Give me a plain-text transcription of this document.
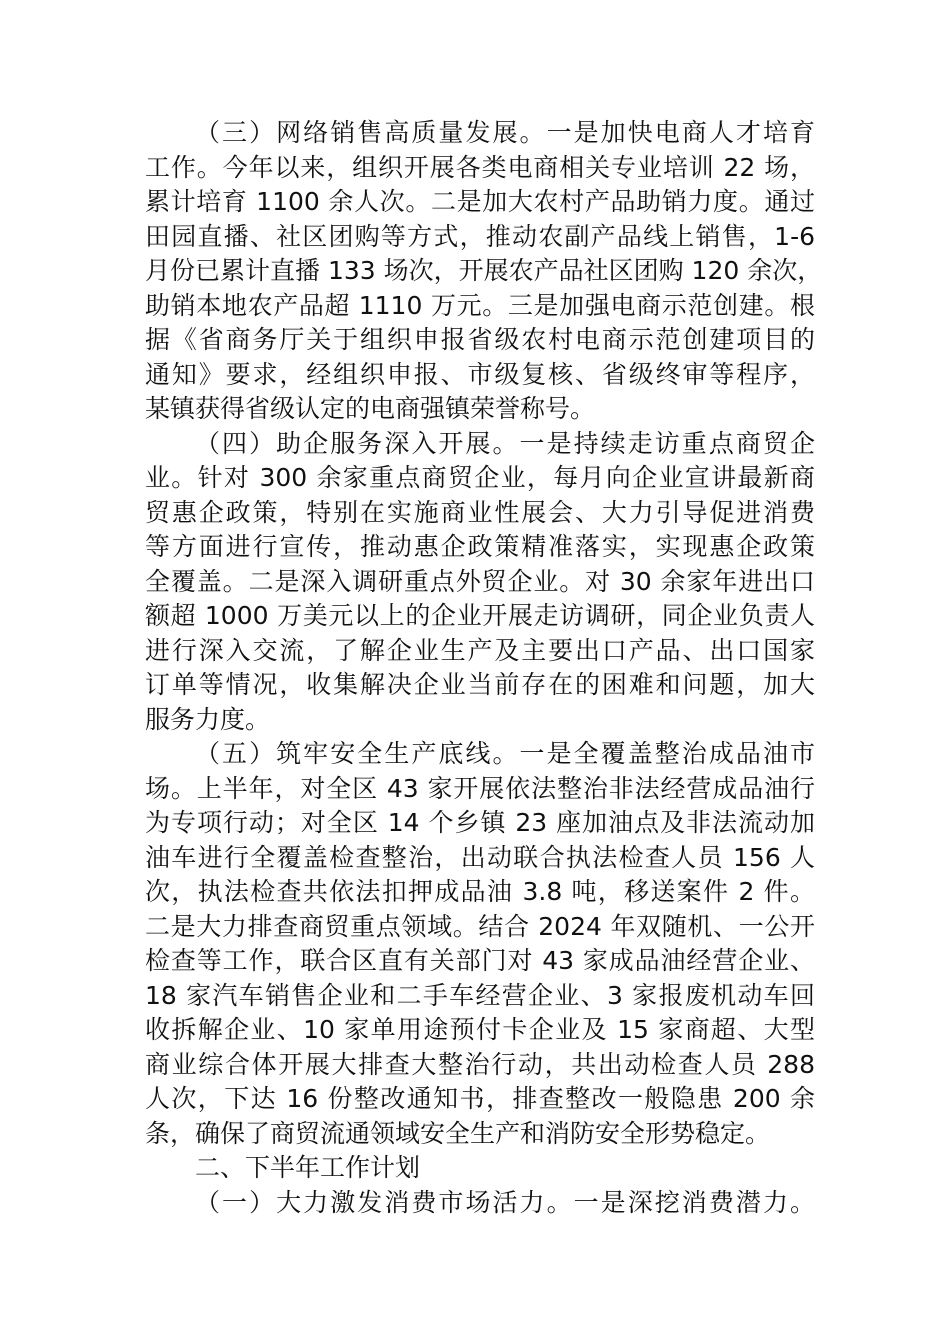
（三）网络销售高质量发展。一是加快电商人才培育
工作。今年以来，组织开展各类电商相关专业培训 22 场，
累计培育 1100 余人次。二是加大农村产品助销力度。通过
田园直播、社区团购等方式，推动农副产品线上销售，1-6
月份已累计直播 133 场次，开展农产品社区团购 120 余次，
助销本地农产品超 1110 万元。三是加强电商示范创建。根
据《省商务厅关于组织申报省级农村电商示范创建项目的
通知》要求，经组织申报、市级复核、省级终审等程序，
某镇获得省级认定的电商强镇荣誉称号。
（四）助企服务深入开展。一是持续走访重点商贸企
业。针对 300 余家重点商贸企业，每月向企业宣讲最新商
贸惠企政策，特别在实施商业性展会、大力引导促进消费
等方面进行宣传，推动惠企政策精准落实，实现惠企政策
全覆盖。二是深入调研重点外贸企业。对 30 余家年进出口
额超 1000 万美元以上的企业开展走访调研，同企业负责人
进行深入交流，了解企业生产及主要出口产品、出口国家
订单等情况，收集解决企业当前存在的困难和问题，加大
服务力度。
（五）筑牢安全生产底线。一是全覆盖整治成品油市
场。上半年，对全区 43 家开展依法整治非法经营成品油行
为专项行动；对全区 14 个乡镇 23 座加油点及非法流动加
油车进行全覆盖检查整治，出动联合执法检查人员 156 人
次，执法检查共依法扣押成品油 3.8 吨，移送案件 2 件。
二是大力排查商贸重点领域。结合 2024 年双随机、一公开
检查等工作，联合区直有关部门对 43 家成品油经营企业、
18 家汽车销售企业和二手车经营企业、3 家报废机动车回
收拆解企业、10 家单用途预付卡企业及 15 家商超、大型
商业综合体开展大排查大整治行动，共出动检查人员 288
人次，下达 16 份整改通知书，排查整改一般隐患 200 余
条，确保了商贸流通领域安全生产和消防安全形势稳定。
二、下半年工作计划
（一）大力激发消费市场活力。一是深挖消费潜力。
